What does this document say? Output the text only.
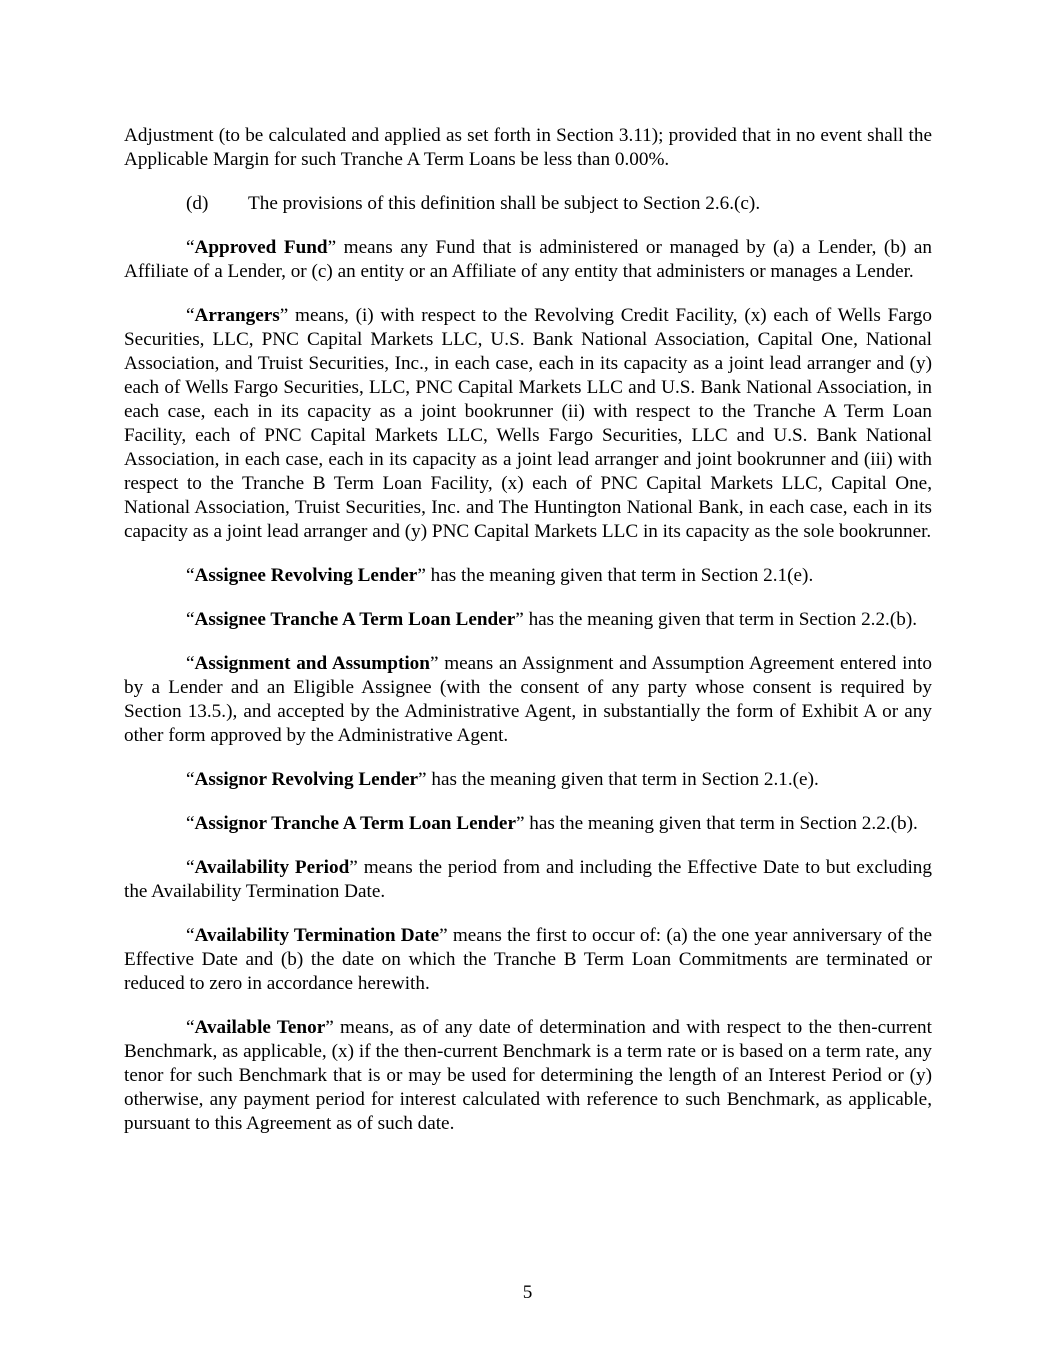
Adjustment (to be calculated and applied as set forth in Section 3.11); provided that in no event shall the Applicable Margin for such Tranche A Term Loans be less than 0.00%.

(d) The provisions of this definition shall be subject to Section 2.6.(c).

“Approved Fund” means any Fund that is administered or managed by (a) a Lender, (b) an Affiliate of a Lender, or (c) an entity or an Affiliate of any entity that administers or manages a Lender.

“Arrangers” means, (i) with respect to the Revolving Credit Facility, (x) each of Wells Fargo Securities, LLC, PNC Capital Markets LLC, U.S. Bank National Association, Capital One, National Association, and Truist Securities, Inc., in each case, each in its capacity as a joint lead arranger and (y) each of Wells Fargo Securities, LLC, PNC Capital Markets LLC and U.S. Bank National Association, in each case, each in its capacity as a joint bookrunner (ii) with respect to the Tranche A Term Loan Facility, each of PNC Capital Markets LLC, Wells Fargo Securities, LLC and U.S. Bank National Association, in each case, each in its capacity as a joint lead arranger and joint bookrunner and (iii) with respect to the Tranche B Term Loan Facility, (x) each of PNC Capital Markets LLC, Capital One, National Association, Truist Securities, Inc. and The Huntington National Bank, in each case, each in its capacity as a joint lead arranger and (y) PNC Capital Markets LLC in its capacity as the sole bookrunner.

“Assignee Revolving Lender” has the meaning given that term in Section 2.1(e).

“Assignee Tranche A Term Loan Lender” has the meaning given that term in Section 2.2.(b).

“Assignment and Assumption” means an Assignment and Assumption Agreement entered into by a Lender and an Eligible Assignee (with the consent of any party whose consent is required by Section 13.5.), and accepted by the Administrative Agent, in substantially the form of Exhibit A or any other form approved by the Administrative Agent.

“Assignor Revolving Lender” has the meaning given that term in Section 2.1.(e).

“Assignor Tranche A Term Loan Lender” has the meaning given that term in Section 2.2.(b).

“Availability Period” means the period from and including the Effective Date to but excluding the Availability Termination Date.

“Availability Termination Date” means the first to occur of: (a) the one year anniversary of the Effective Date and (b) the date on which the Tranche B Term Loan Commitments are terminated or reduced to zero in accordance herewith.

“Available Tenor” means, as of any date of determination and with respect to the then-current Benchmark, as applicable, (x) if the then-current Benchmark is a term rate or is based on a term rate, any tenor for such Benchmark that is or may be used for determining the length of an Interest Period or (y) otherwise, any payment period for interest calculated with reference to such Benchmark, as applicable, pursuant to this Agreement as of such date.

5
